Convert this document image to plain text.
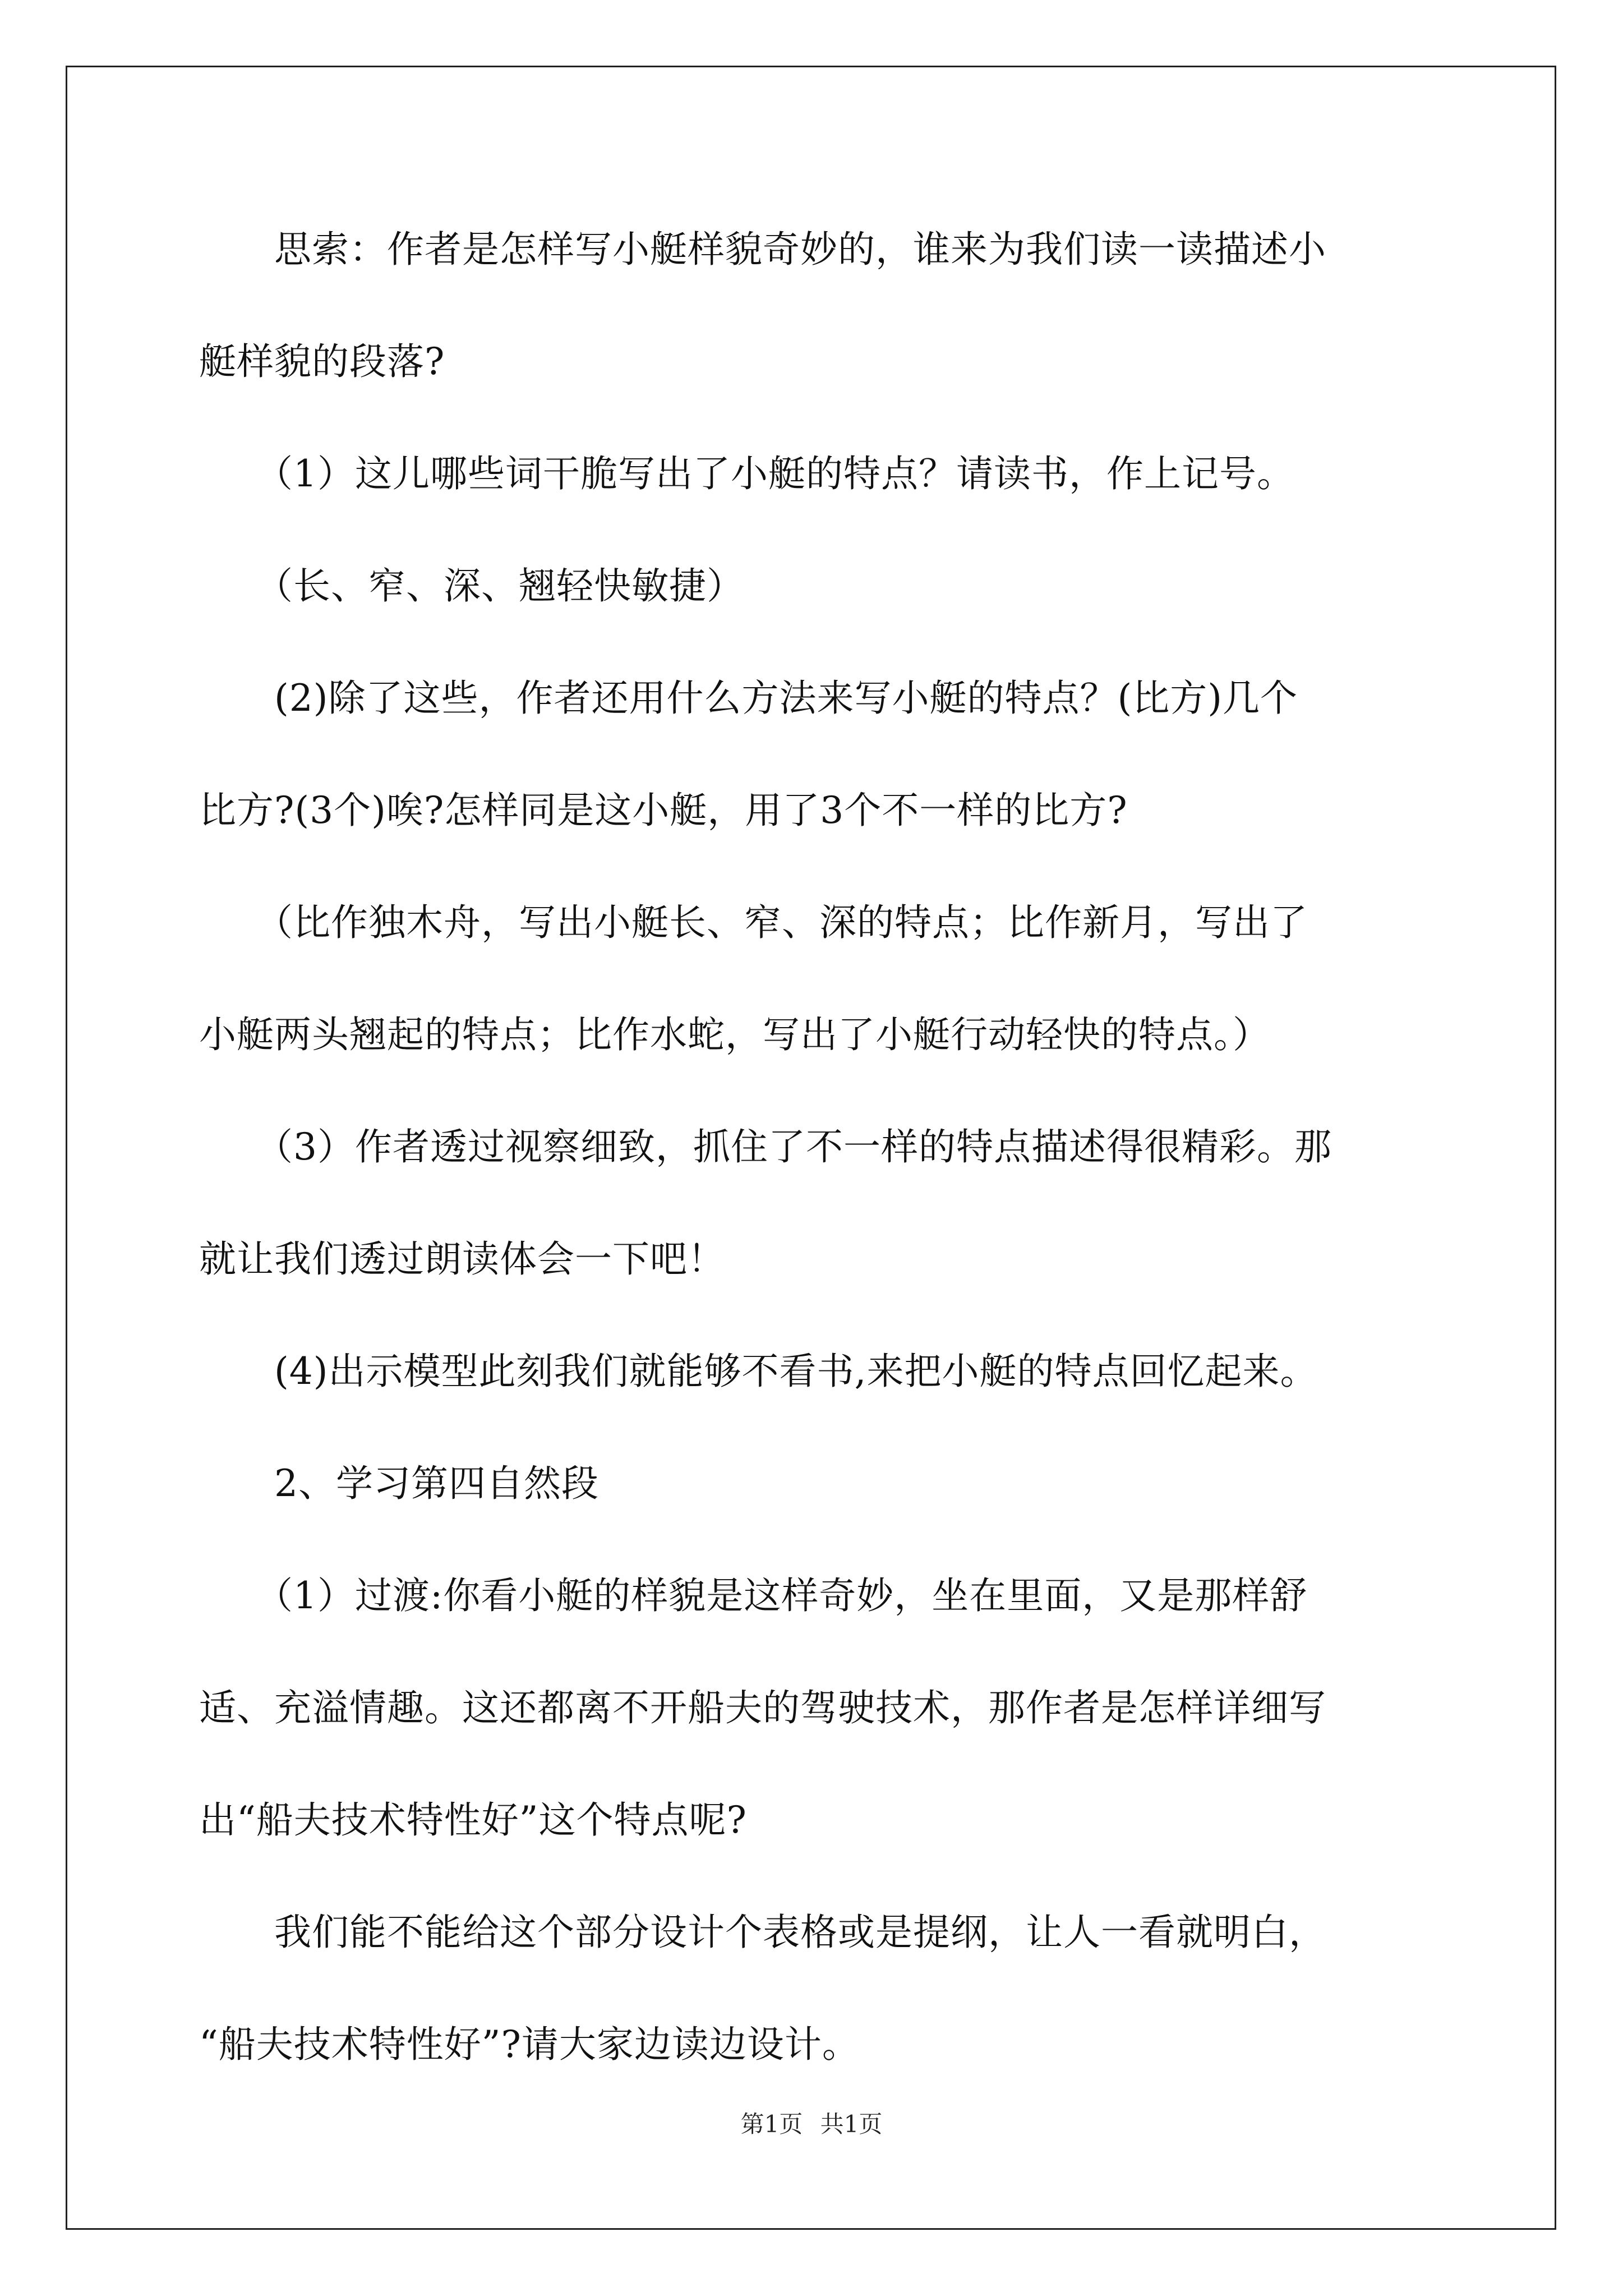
　　思索：作者是怎样写小艇样貌奇妙的，谁来为我们读一读描述小
艇样貌的段落?
　　（1）这儿哪些词干脆写出了小艇的特点？请读书，作上记号。
　　（长、窄、深、翘轻快敏捷）
　　(2)除了这些，作者还用什么方法来写小艇的特点？(比方)几个
比方?(3个)唉?怎样同是这小艇，用了3个不一样的比方?
　　（比作独木舟，写出小艇长、窄、深的特点；比作新月，写出了
小艇两头翘起的特点；比作水蛇，写出了小艇行动轻快的特点。）
　　（3）作者透过视察细致，抓住了不一样的特点描述得很精彩。那
就让我们透过朗读体会一下吧！
　　(4)出示模型此刻我们就能够不看书,来把小艇的特点回忆起来。
　　2、学习第四自然段
　　（1）过渡:你看小艇的样貌是这样奇妙，坐在里面，又是那样舒
适、充溢情趣。这还都离不开船夫的驾驶技术，那作者是怎样详细写
出“船夫技术特性好”这个特点呢?
　　我们能不能给这个部分设计个表格或是提纲，让人一看就明白，
“船夫技术特性好”?请大家边读边设计。
第1页 共1页
